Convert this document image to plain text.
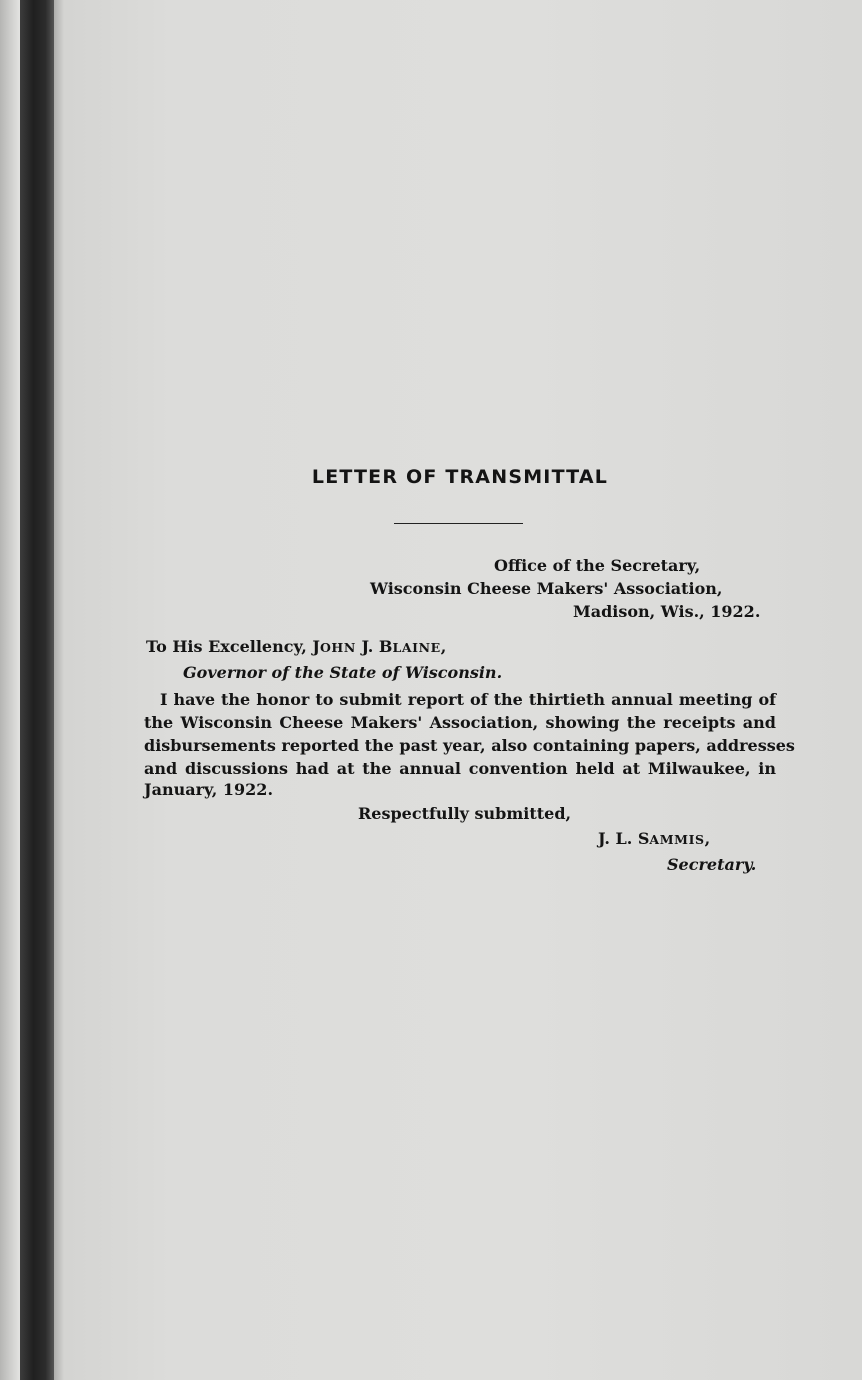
LETTER OF TRANSMITTAL
Office of the Secretary,
Wisconsin Cheese Makers' Association,
Madison, Wis., 1922.
To His Excellency, JOHN J. BLAINE,
Governor of the State of Wisconsin.
I have the honor to submit report of the thirtieth annual meeting of
the Wisconsin Cheese Makers' Association, showing the receipts and
disbursements reported the past year, also containing papers, addresses
and discussions had at the annual convention held at Milwaukee, in
January, 1922.
Respectfully submitted,
J. L. SAMMIS,
Secretary.
